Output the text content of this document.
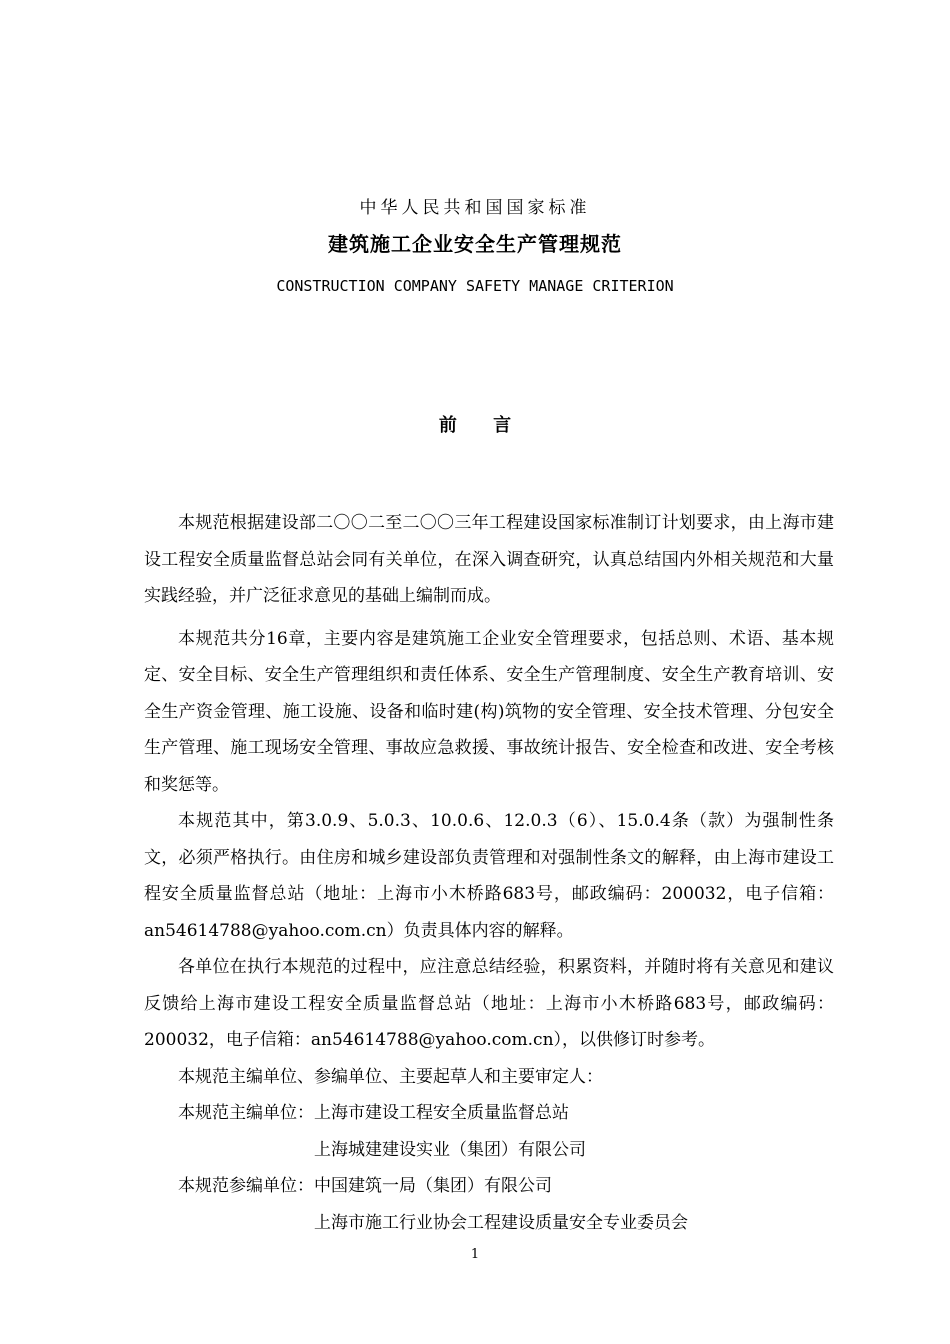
中华人民共和国国家标准
建筑施工企业安全生产管理规范
CONSTRUCTION COMPANY SAFETY MANAGE CRITERION
前 言

本规范根据建设部二〇〇二至二〇〇三年工程建设国家标准制订计划要求，由上海市建设工程安全质量监督总站会同有关单位，在深入调查研究，认真总结国内外相关规范和大量实践经验，并广泛征求意见的基础上编制而成。

本规范共分16章，主要内容是建筑施工企业安全管理要求，包括总则、术语、基本规定、安全目标、安全生产管理组织和责任体系、安全生产管理制度、安全生产教育培训、安全生产资金管理、施工设施、设备和临时建(构)筑物的安全管理、安全技术管理、分包安全生产管理、施工现场安全管理、事故应急救援、事故统计报告、安全检查和改进、安全考核和奖惩等。

本规范其中，第3.0.9、5.0.3、10.0.6、12.0.3（6）、15.0.4条（款）为强制性条文，必须严格执行。由住房和城乡建设部负责管理和对强制性条文的解释，由上海市建设工程安全质量监督总站（地址：上海市小木桥路683号，邮政编码：200032，电子信箱：an54614788@yahoo.com.cn）负责具体内容的解释。

各单位在执行本规范的过程中，应注意总结经验，积累资料，并随时将有关意见和建议反馈给上海市建设工程安全质量监督总站（地址：上海市小木桥路683号，邮政编码：200032，电子信箱：an54614788@yahoo.com.cn），以供修订时参考。

本规范主编单位、参编单位、主要起草人和主要审定人：

本规范主编单位： 上海市建设工程安全质量监督总站
上海城建建设实业（集团）有限公司
本规范参编单位： 中国建筑一局（集团）有限公司
上海市施工行业协会工程建设质量安全专业委员会
1
